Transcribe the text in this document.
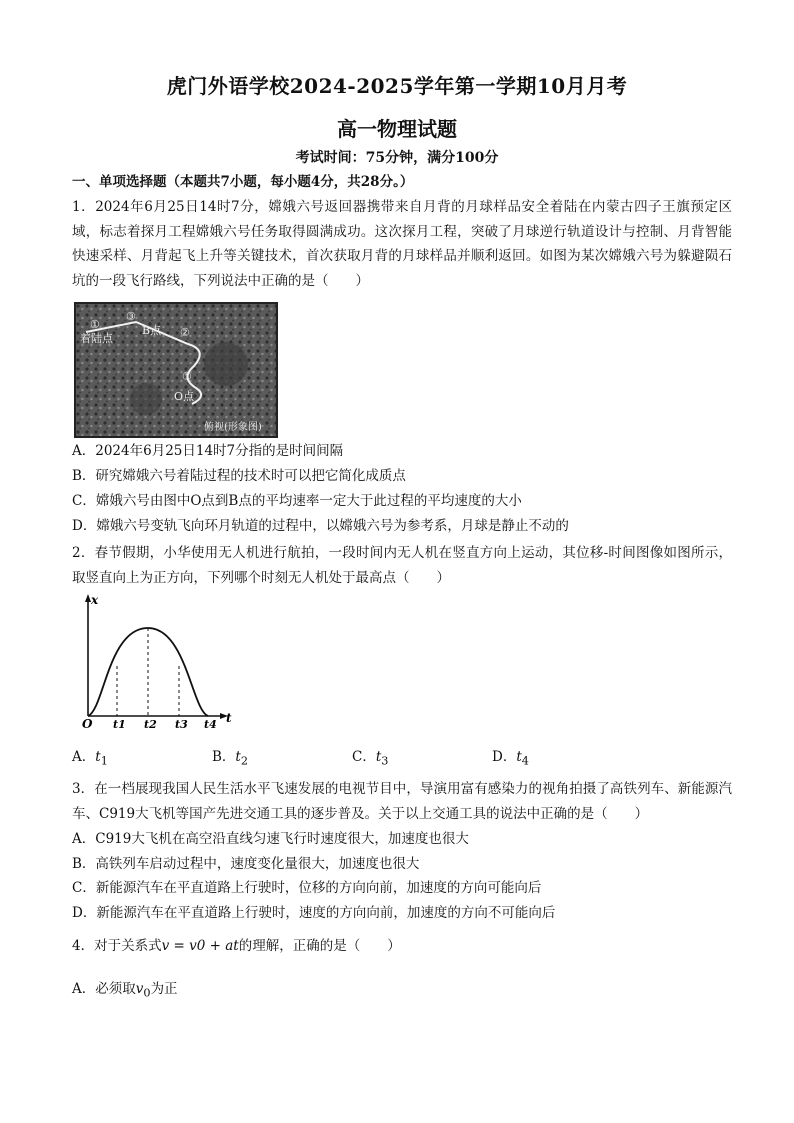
虎门外语学校2024-2025学年第一学期10月月考
高一物理试题
考试时间：75分钟，满分100分
一、单项选择题（本题共7小题，每小题4分，共28分。）
1．2024年6月25日14时7分，嫦娥六号返回器携带来自月背的月球样品安全着陆在内蒙古四子王旗预定区域，标志着探月工程嫦娥六号任务取得圆满成功。这次探月工程，突破了月球逆行轨道设计与控制、月背智能快速采样、月背起飞上升等关键技术，首次获取月背的月球样品并顺利返回。如图为某次嫦娥六号为躲避陨石坑的一段飞行路线，下列说法中正确的是（　　）
着陆点
①
③
B点 ②
①
O点
俯视(形象图)
A．2024年6月25日14时7分指的是时间间隔
B．研究嫦娥六号着陆过程的技术时可以把它简化成质点
C．嫦娥六号由图中O点到B点的平均速率一定大于此过程的平均速度的大小
D．嫦娥六号变轨飞向环月轨道的过程中，以嫦娥六号为参考系，月球是静止不动的
2．春节假期，小华使用无人机进行航拍，一段时间内无人机在竖直方向上运动，其位移-时间图像如图所示，取竖直向上为正方向，下列哪个时刻无人机处于最高点（　　）
x
t
O t1 t2 t3 t4
A．$t_1$	B．$t_2$	C．$t_3$	D．$t_4$
3．在一档展现我国人民生活水平飞速发展的电视节目中，导演用富有感染力的视角拍摄了高铁列车、新能源汽车、C919大飞机等国产先进交通工具的逐步普及。关于以上交通工具的说法中正确的是（　　）
A．C919大飞机在高空沿直线匀速飞行时速度很大，加速度也很大
B．高铁列车启动过程中，速度变化量很大，加速度也很大
C．新能源汽车在平直道路上行驶时，位移的方向向前，加速度的方向可能向后
D．新能源汽车在平直道路上行驶时，速度的方向向前，加速度的方向不可能向后
4．对于关系式v = v0 + at的理解，正确的是（　　）
A．必须取$v_0$为正
